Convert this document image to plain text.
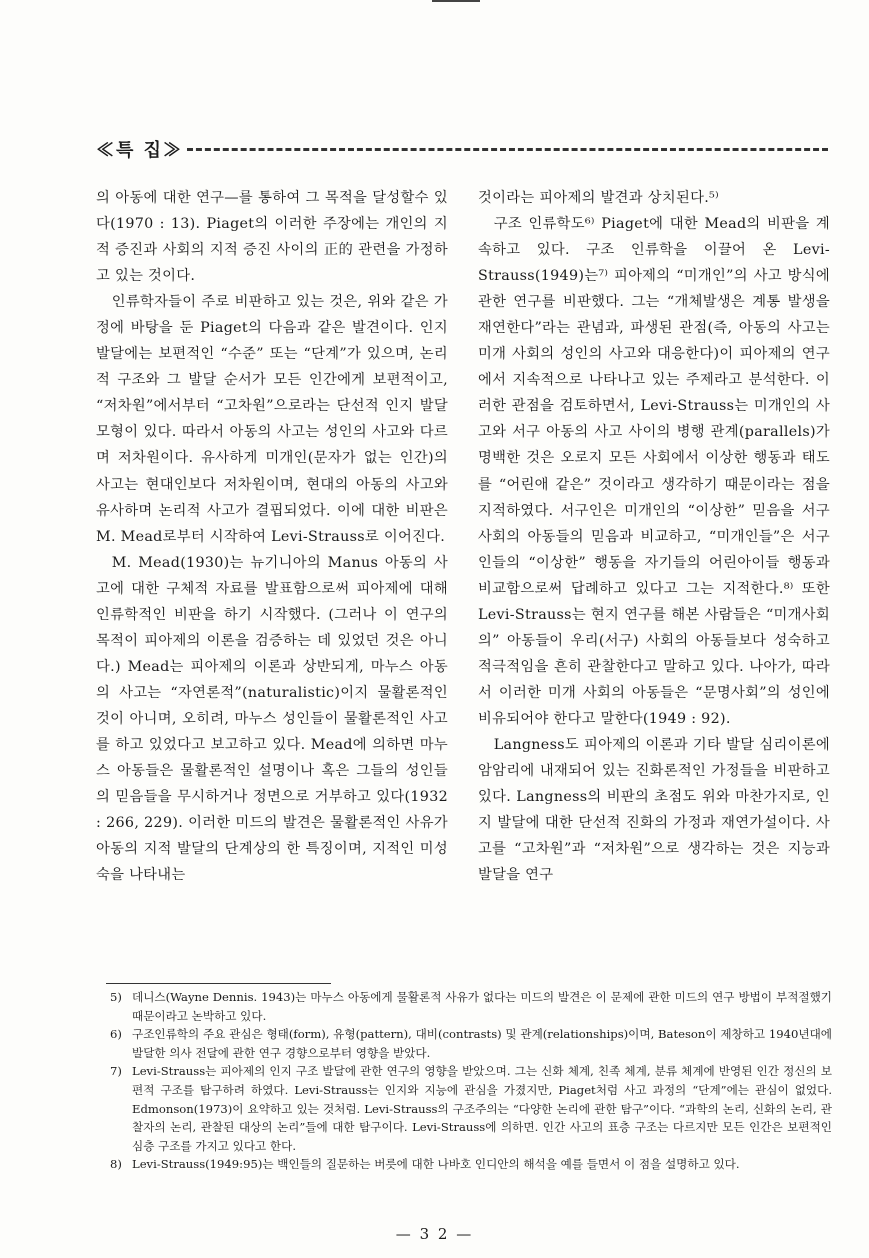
≪특 집≫

의 아동에 대한 연구—를 통하여 그 목적을 달성할수 있다(1970 : 13). Piaget의 이러한 주장에는 개인의 지적 증진과 사회의 지적 증진 사이의 正的 관련을 가정하고 있는 것이다.

인류학자들이 주로 비판하고 있는 것은, 위와 같은 가정에 바탕을 둔 Piaget의 다음과 같은 발견이다. 인지 발달에는 보편적인 “수준” 또는 “단계”가 있으며, 논리적 구조와 그 발달 순서가 모든 인간에게 보편적이고, “저차원”에서부터 “고차원”으로라는 단선적 인지 발달 모형이 있다. 따라서 아동의 사고는 성인의 사고와 다르며 저차원이다. 유사하게 미개인(문자가 없는 인간)의 사고는 현대인보다 저차원이며, 현대의 아동의 사고와 유사하며 논리적 사고가 결핍되었다. 이에 대한 비판은 M. Mead로부터 시작하여 Levi-Strauss로 이어진다.

M. Mead(1930)는 뉴기니아의 Manus 아동의 사고에 대한 구체적 자료를 발표함으로써 피아제에 대해 인류학적인 비판을 하기 시작했다. (그러나 이 연구의 목적이 피아제의 이론을 검증하는 데 있었던 것은 아니다.) Mead는 피아제의 이론과 상반되게, 마누스 아동의 사고는 “자연론적”(naturalistic)이지 물활론적인 것이 아니며, 오히려, 마누스 성인들이 물활론적인 사고를 하고 있었다고 보고하고 있다. Mead에 의하면 마누스 아동들은 물활론적인 설명이나 혹은 그들의 성인들의 믿음들을 무시하거나 정면으로 거부하고 있다(1932 : 266, 229). 이러한 미드의 발견은 물활론적인 사유가 아동의 지적 발달의 단계상의 한 특징이며, 지적인 미성숙을 나타내는

것이라는 피아제의 발견과 상치된다.⁵⁾

구조 인류학도⁶⁾ Piaget에 대한 Mead의 비판을 계속하고 있다. 구조 인류학을 이끌어 온 Levi-Strauss(1949)는⁷⁾ 피아제의 “미개인”의 사고 방식에 관한 연구를 비판했다. 그는 “개체발생은 계통 발생을 재연한다”라는 관념과, 파생된 관점(즉, 아동의 사고는 미개 사회의 성인의 사고와 대응한다)이 피아제의 연구에서 지속적으로 나타나고 있는 주제라고 분석한다. 이러한 관점을 검토하면서, Levi-Strauss는 미개인의 사고와 서구 아동의 사고 사이의 병행 관계(parallels)가 명백한 것은 오로지 모든 사회에서 이상한 행동과 태도를 “어린애 같은” 것이라고 생각하기 때문이라는 점을 지적하였다. 서구인은 미개인의 “이상한” 믿음을 서구 사회의 아동들의 믿음과 비교하고, “미개인들”은 서구인들의 “이상한” 행동을 자기들의 어린아이들 행동과 비교함으로써 답례하고 있다고 그는 지적한다.⁸⁾ 또한 Levi-Strauss는 현지 연구를 해본 사람들은 “미개사회의” 아동들이 우리(서구) 사회의 아동들보다 성숙하고 적극적임을 흔히 관찰한다고 말하고 있다. 나아가, 따라서 이러한 미개 사회의 아동들은 “문명사회”의 성인에 비유되어야 한다고 말한다(1949 : 92).

Langness도 피아제의 이론과 기타 발달 심리이론에 암암리에 내재되어 있는 진화론적인 가정들을 비판하고 있다. Langness의 비판의 초점도 위와 마찬가지로, 인지 발달에 대한 단선적 진화의 가정과 재연가설이다. 사고를 “고차원”과 “저차원”으로 생각하는 것은 지능과 발달을 연구

5) 데니스(Wayne Dennis. 1943)는 마누스 아동에게 물활론적 사유가 없다는 미드의 발견은 이 문제에 관한 미드의 연구 방법이 부적절했기 때문이라고 논박하고 있다.
6) 구조인류학의 주요 관심은 형태(form), 유형(pattern), 대비(contrasts) 및 관계(relationships)이며, Bateson이 제창하고 1940년대에 발달한 의사 전달에 관한 연구 경향으로부터 영향을 받았다.
7) Levi-Strauss는 피아제의 인지 구조 발달에 관한 연구의 영향을 받았으며. 그는 신화 체계, 친족 체계, 분류 체계에 반영된 인간 정신의 보편적 구조를 탐구하려 하였다. Levi-Strauss는 인지와 지능에 관심을 가졌지만, Piaget처럼 사고 과정의 “단계”에는 관심이 없었다. Edmonson(1973)이 요약하고 있는 것처럼. Levi-Strauss의 구조주의는 “다양한 논리에 관한 탐구”이다. “과학의 논리, 신화의 논리, 관찰자의 논리, 관찰된 대상의 논리”들에 대한 탐구이다. Levi-Strauss에 의하면. 인간 사고의 표층 구조는 다르지만 모든 인간은 보편적인 심층 구조를 가지고 있다고 한다.
8) Levi-Strauss(1949:95)는 백인들의 질문하는 버릇에 대한 나바호 인디안의 해석을 예를 들면서 이 점을 설명하고 있다.
— 3 2 —
